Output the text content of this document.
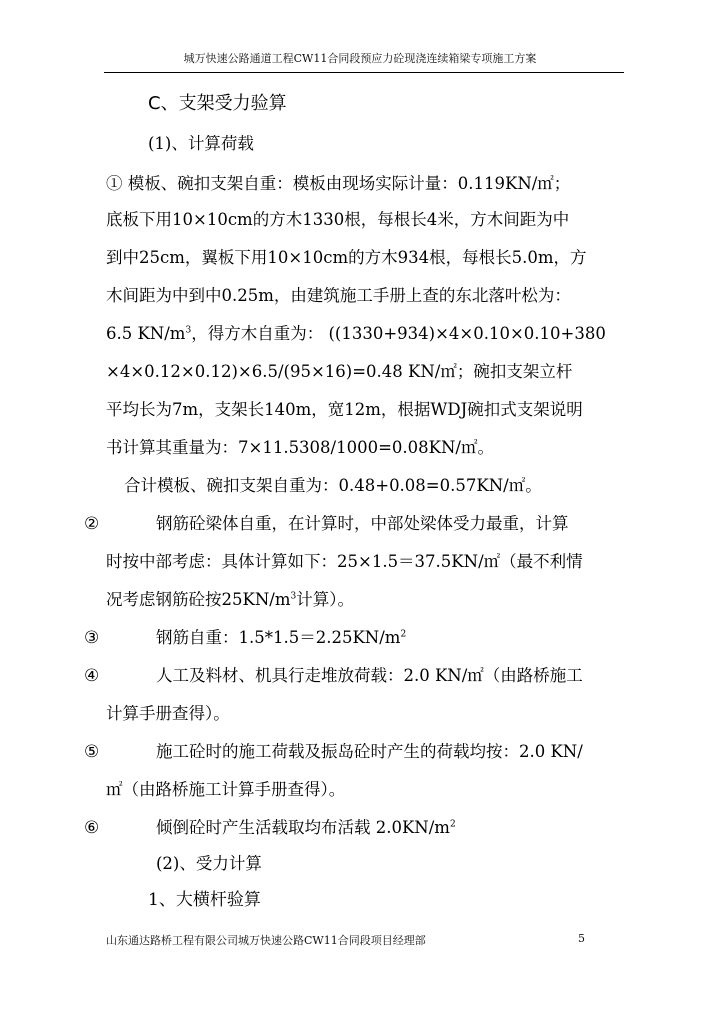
城万快速公路通道工程CW11合同段预应力砼现浇连续箱梁专项施工方案
C、支架受力验算
(1)、计算荷载
① 模板、碗扣支架自重：模板由现场实际计量：0.119KN/㎡；
底板下用10×10cm的方木1330根，每根长4米，方木间距为中
到中25cm，翼板下用10×10cm的方木934根，每根长5.0m，方
木间距为中到中0.25m，由建筑施工手册上查的东北落叶松为：
6.5 $KN/m^3$，得方木自重为： ((1330+934)×4×0.10×0.10+380
×4×0.12×0.12)×6.5/(95×16)=0.48 KN/㎡；碗扣支架立杆
平均长为7m，支架长140m，宽12m，根据WDJ碗扣式支架说明
书计算其重量为：7×11.5308/1000=0.08KN/㎡。
合计模板、碗扣支架自重为：0.48+0.08=0.57KN/㎡。
②	钢筋砼梁体自重，在计算时，中部处梁体受力最重，计算
时按中部考虑：具体计算如下：25×1.5＝37.5KN/㎡（最不利情
况考虑钢筋砼按$25KN/m^3$计算）。
③	钢筋自重：$1.5*1.5=2.25KN/m^2$
④	人工及料材、机具行走堆放荷载：2.0 KN/㎡（由路桥施工
计算手册查得）。
⑤	施工砼时的施工荷载及振岛砼时产生的荷载均按：2.0 KN/
㎡（由路桥施工计算手册查得）。
⑥	倾倒砼时产生活载取均布活载 $2.0KN/m^2$
(2)、受力计算
1、大横杆验算
山东通达路桥工程有限公司城万快速公路CW11合同段项目经理部	5
